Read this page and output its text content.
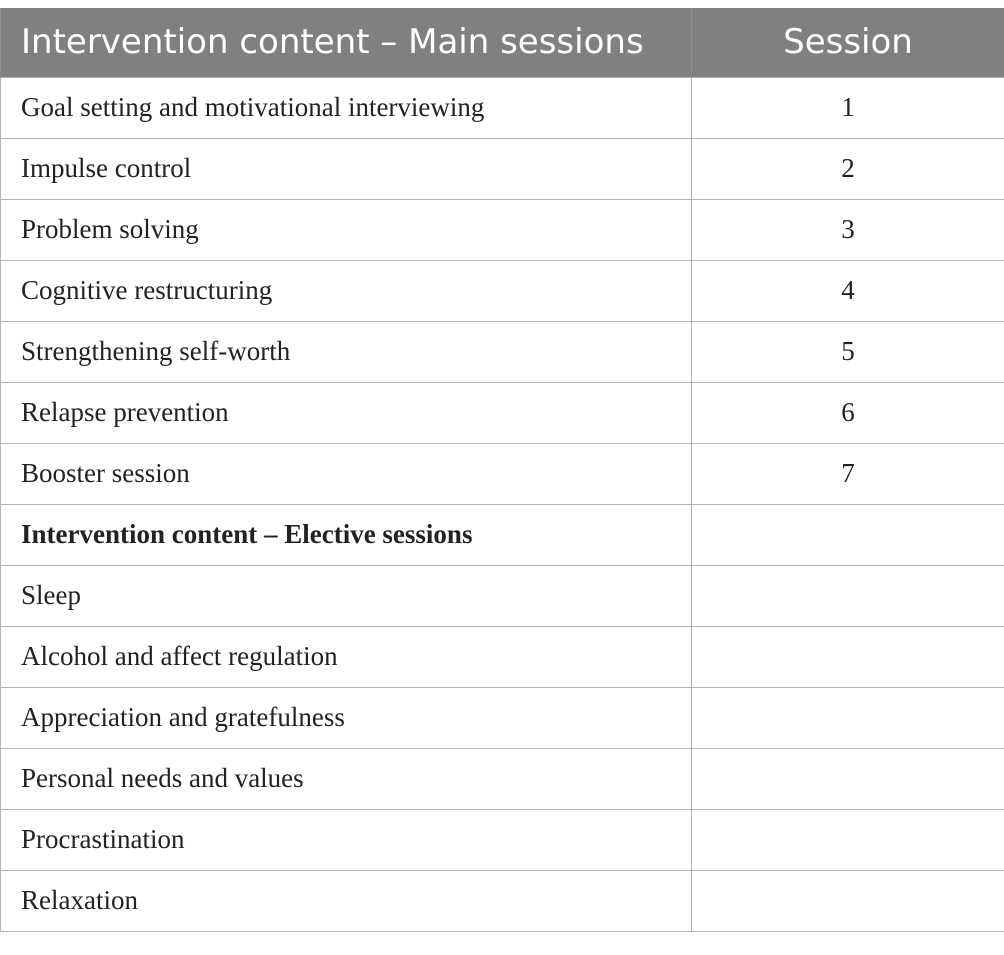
Intervention content – Main sessions	Session
Goal setting and motivational interviewing	1
Impulse control	2
Problem solving	3
Cognitive restructuring	4
Strengthening self-worth	5
Relapse prevention	6
Booster session	7
Intervention content – Elective sessions	
Sleep	
Alcohol and affect regulation	
Appreciation and gratefulness	
Personal needs and values	
Procrastination	
Relaxation	
